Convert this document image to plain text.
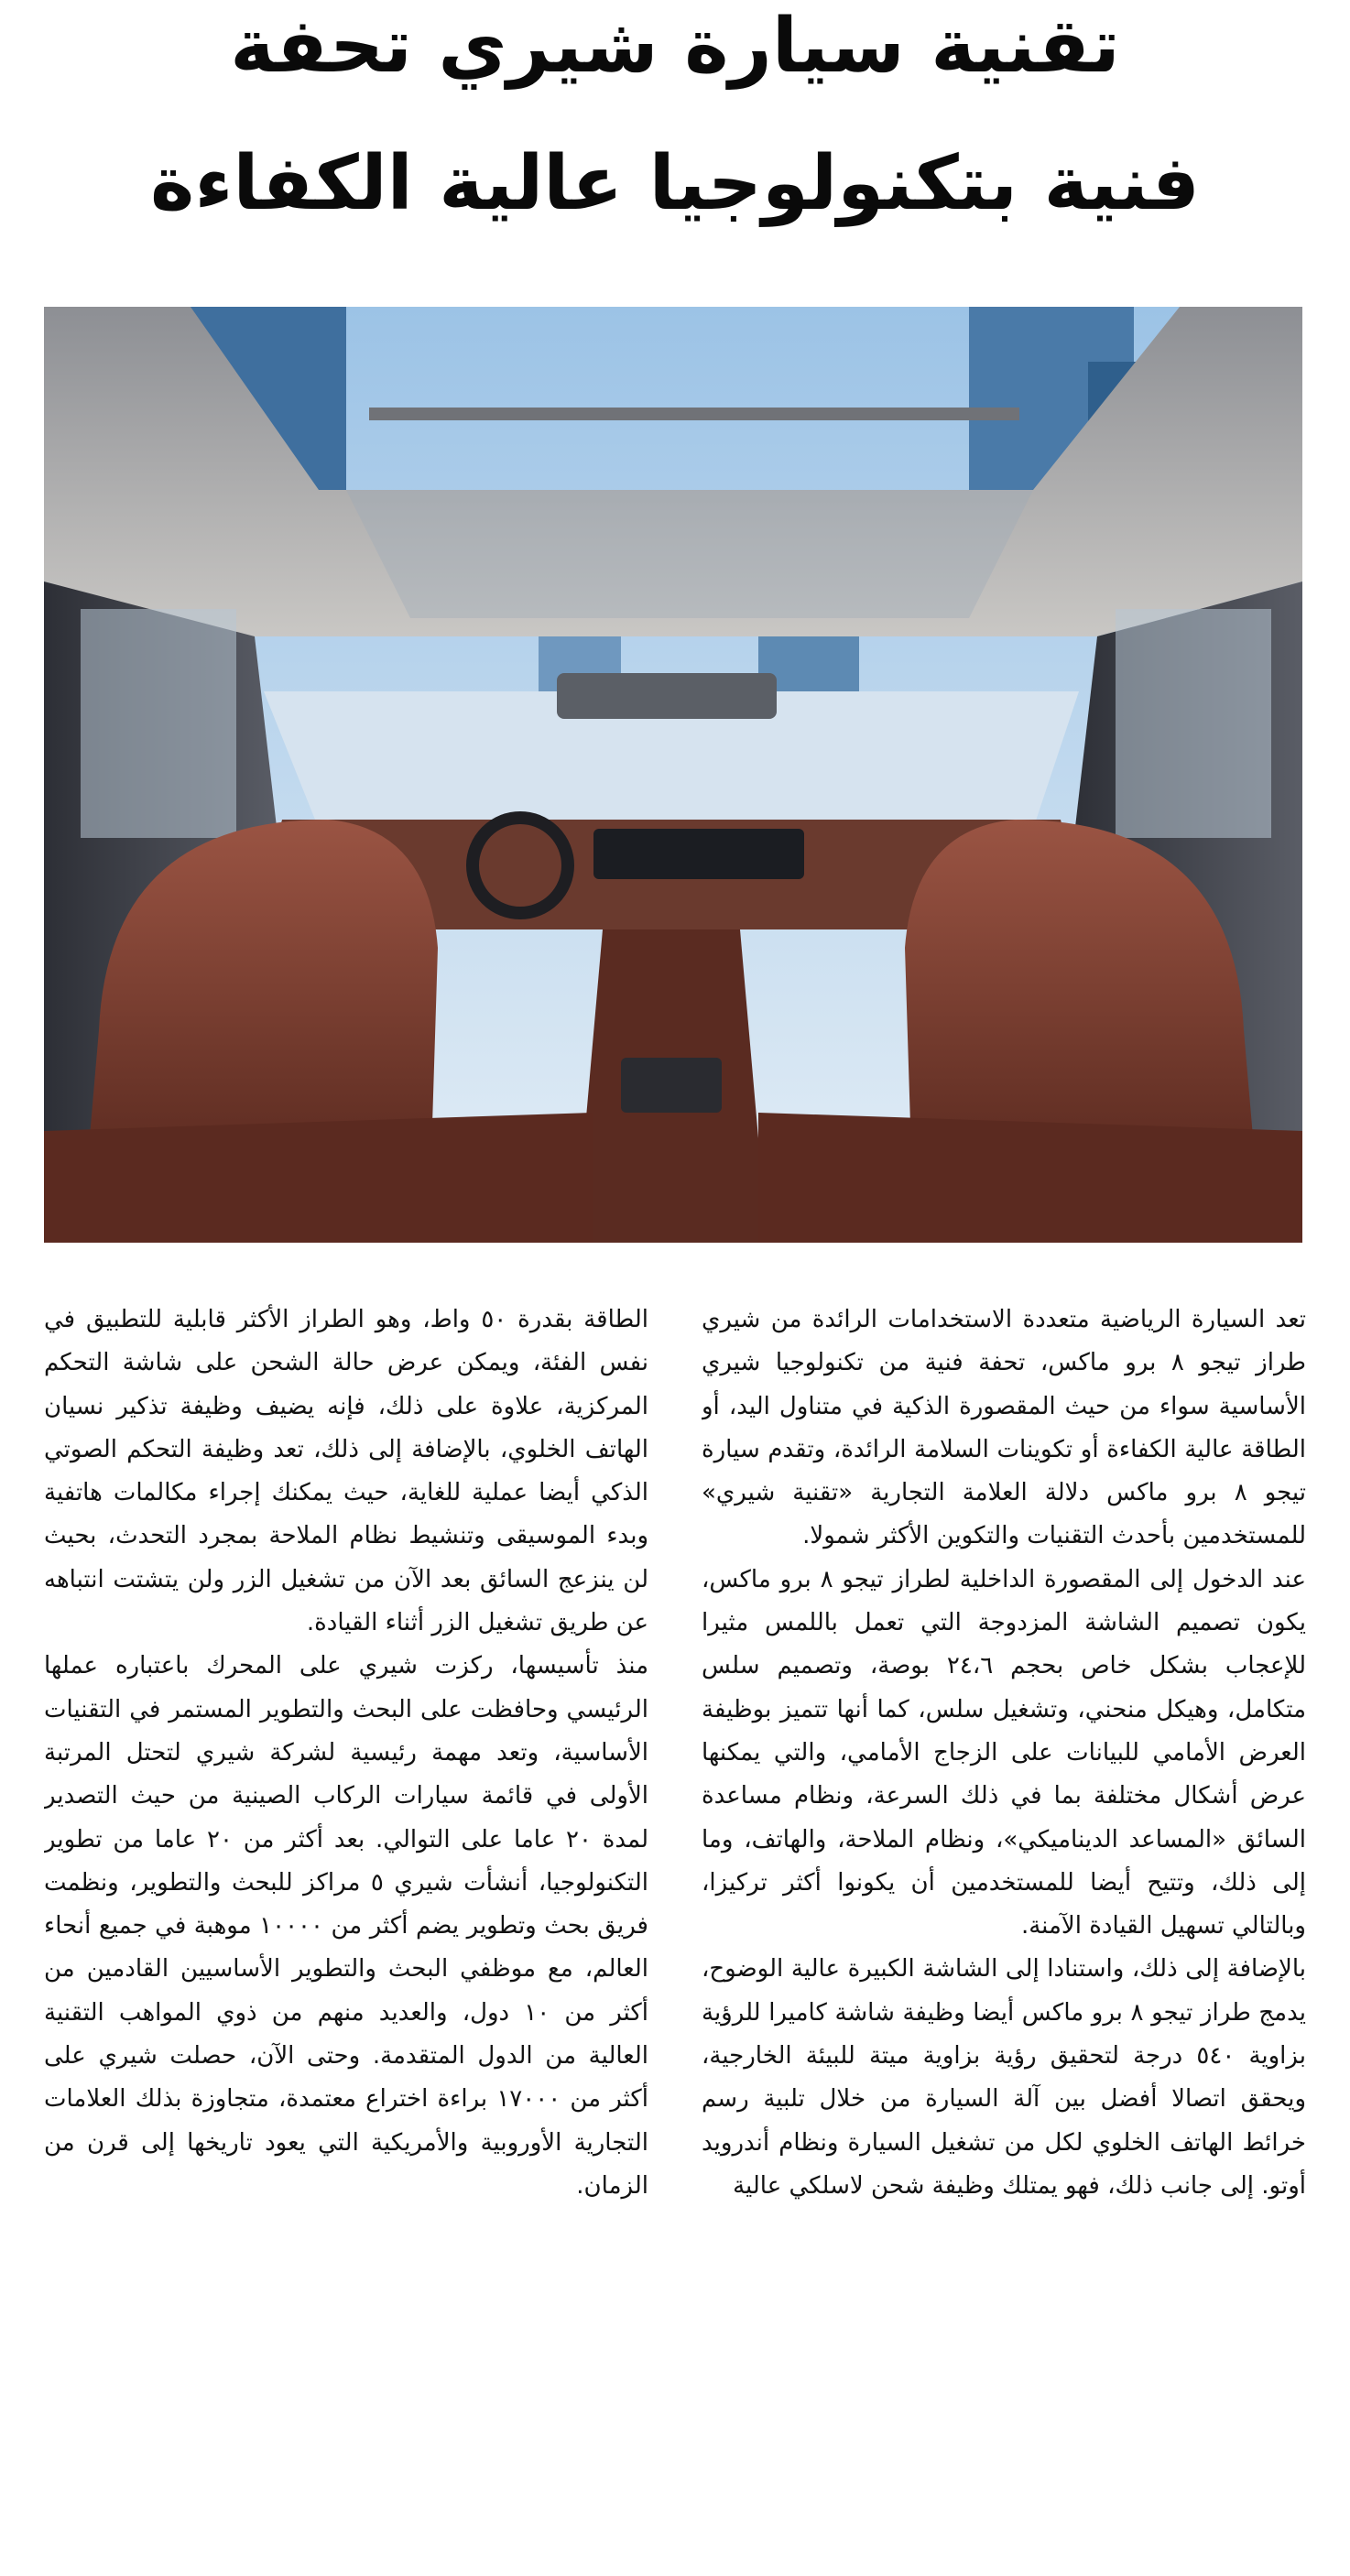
تقنية سيارة شيري تحفة
فنية بتكنولوجيا عالية الكفاءة

تعد السيارة الرياضية متعددة الاستخدامات الرائدة من شيري طراز تيجو ٨ برو ماكس، تحفة فنية من تكنولوجيا شيري الأساسية سواء من حيث المقصورة الذكية في متناول اليد، أو الطاقة عالية الكفاءة أو تكوينات السلامة الرائدة، وتقدم سيارة تيجو ٨ برو ماكس دلالة العلامة التجارية «تقنية شيري» للمستخدمين بأحدث التقنيات والتكوين الأكثر شمولا.

عند الدخول إلى المقصورة الداخلية لطراز تيجو ٨ برو ماكس، يكون تصميم الشاشة المزدوجة التي تعمل باللمس مثيرا للإعجاب بشكل خاص بحجم ٢٤،٦ بوصة، وتصميم سلس متكامل، وهيكل منحني، وتشغيل سلس، كما أنها تتميز بوظيفة العرض الأمامي للبيانات على الزجاج الأمامي، والتي يمكنها عرض أشكال مختلفة بما في ذلك السرعة، ونظام مساعدة السائق «المساعد الديناميكي»، ونظام الملاحة، والهاتف، وما إلى ذلك، وتتيح أيضا للمستخدمين أن يكونوا أكثر تركيزا، وبالتالي تسهيل القيادة الآمنة.

بالإضافة إلى ذلك، واستنادا إلى الشاشة الكبيرة عالية الوضوح، يدمج طراز تيجو ٨ برو ماكس أيضا وظيفة شاشة كاميرا للرؤية بزاوية ٥٤٠ درجة لتحقيق رؤية بزاوية ميتة للبيئة الخارجية، ويحقق اتصالا أفضل بين آلة السيارة من خلال تلبية رسم خرائط الهاتف الخلوي لكل من تشغيل السيارة ونظام أندرويد أوتو. إلى جانب ذلك، فهو يمتلك وظيفة شحن لاسلكي عالية

الطاقة بقدرة ٥٠ واط، وهو الطراز الأكثر قابلية للتطبيق في نفس الفئة، ويمكن عرض حالة الشحن على شاشة التحكم المركزية، علاوة على ذلك، فإنه يضيف وظيفة تذكير نسيان الهاتف الخلوي، بالإضافة إلى ذلك، تعد وظيفة التحكم الصوتي الذكي أيضا عملية للغاية، حيث يمكنك إجراء مكالمات هاتفية وبدء الموسيقى وتنشيط نظام الملاحة بمجرد التحدث، بحيث لن ينزعج السائق بعد الآن من تشغيل الزر ولن يتشتت انتباهه عن طريق تشغيل الزر أثناء القيادة.

منذ تأسيسها، ركزت شيري على المحرك باعتباره عملها الرئيسي وحافظت على البحث والتطوير المستمر في التقنيات الأساسية، وتعد مهمة رئيسية لشركة شيري لتحتل المرتبة الأولى في قائمة سيارات الركاب الصينية من حيث التصدير لمدة ٢٠ عاما على التوالي. بعد أكثر من ٢٠ عاما من تطوير التكنولوجيا، أنشأت شيري ٥ مراكز للبحث والتطوير، ونظمت فريق بحث وتطوير يضم أكثر من ١٠٠٠٠ موهبة في جميع أنحاء العالم، مع موظفي البحث والتطوير الأساسيين القادمين من أكثر من ١٠ دول، والعديد منهم من ذوي المواهب التقنية العالية من الدول المتقدمة. وحتى الآن، حصلت شيري على أكثر من ١٧٠٠٠ براءة اختراع معتمدة، متجاوزة بذلك العلامات التجارية الأوروبية والأمريكية التي يعود تاريخها إلى قرن من الزمان.
